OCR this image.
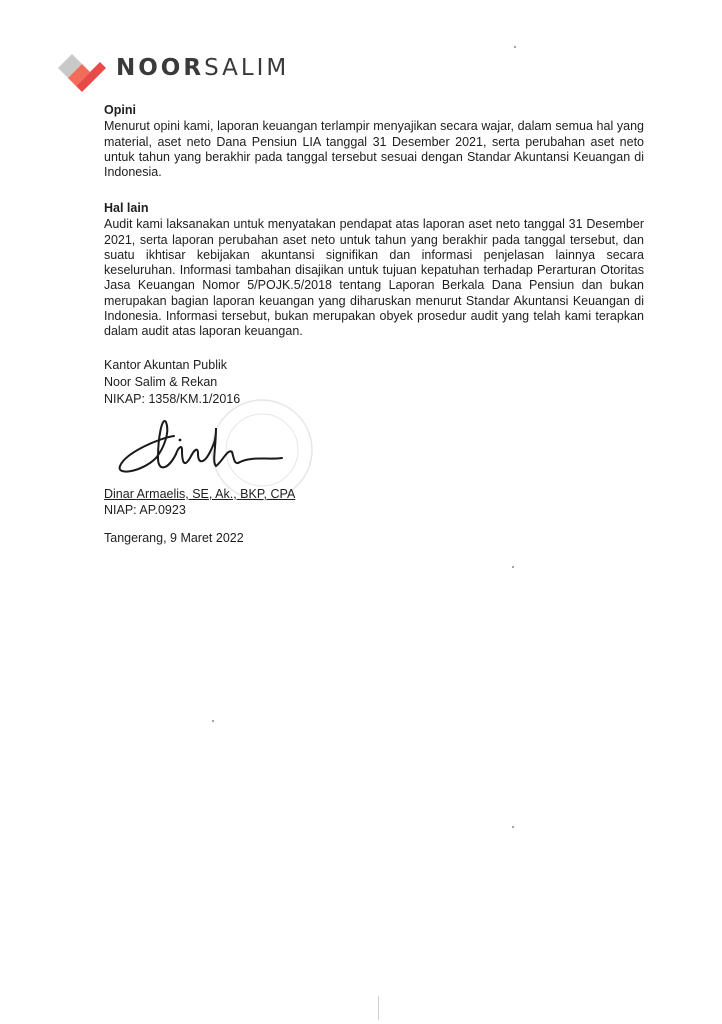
NOORSALIM
Opini
Menurut opini kami, laporan keuangan terlampir menyajikan secara wajar, dalam semua hal yang material, aset neto Dana Pensiun LIA tanggal 31 Desember 2021, serta perubahan aset neto untuk tahun yang berakhir pada tanggal tersebut sesuai dengan Standar Akuntansi Keuangan di Indonesia.
Hal lain
Audit kami laksanakan untuk menyatakan pendapat atas laporan aset neto tanggal 31 Desember 2021, serta laporan perubahan aset neto untuk tahun yang berakhir pada tanggal tersebut, dan suatu ikhtisar kebijakan akuntansi signifikan dan informasi penjelasan lainnya secara keseluruhan. Informasi tambahan disajikan untuk tujuan kepatuhan terhadap Perarturan Otoritas Jasa Keuangan Nomor 5/POJK.5/2018 tentang Laporan Berkala Dana Pensiun dan bukan merupakan bagian laporan keuangan yang diharuskan menurut Standar Akuntansi Keuangan di Indonesia. Informasi tersebut, bukan merupakan obyek prosedur audit yang telah kami terapkan dalam audit atas laporan keuangan.
Kantor Akuntan Publik
Noor Salim & Rekan
NIKAP: 1358/KM.1/2016
Dinar Armaelis, SE, Ak., BKP, CPA
NIAP: AP.0923
Tangerang, 9 Maret 2022
